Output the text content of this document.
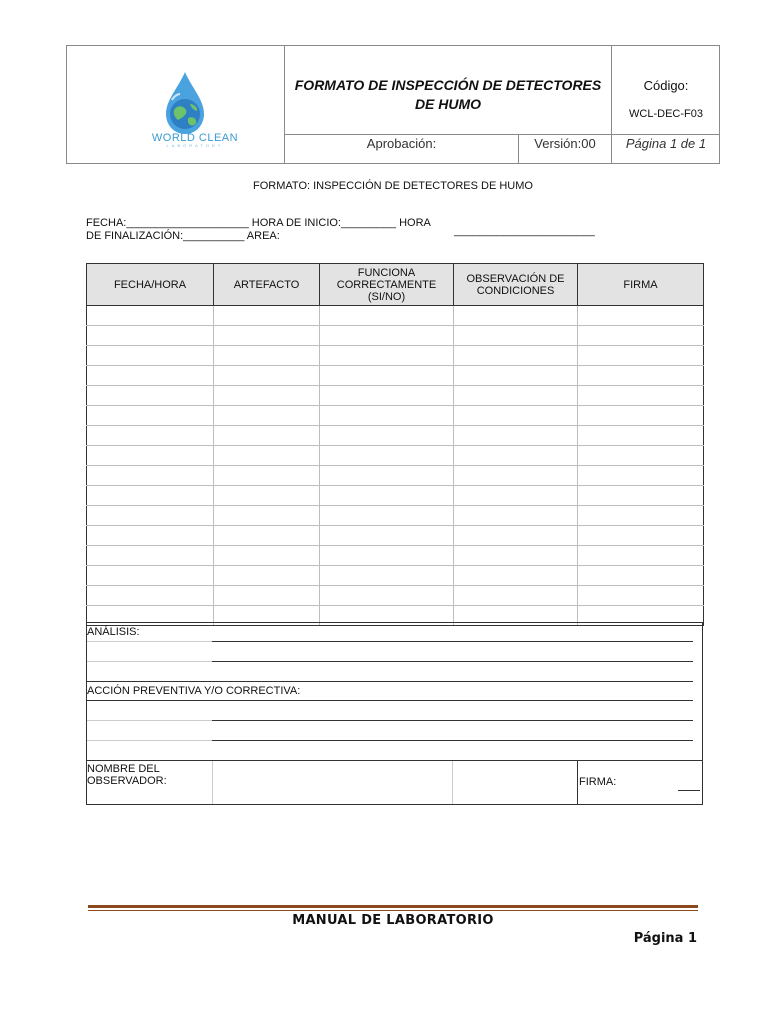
WORLD CLEAN
LABORATORY
FORMATO DE INSPECCIÓN DE DETECTORES DE HUMO
Código:
WCL-DEC-F03
Aprobación:	Versión:00	Página 1 de 1
FORMATO: INSPECCIÓN DE DETECTORES DE HUMO
FECHA:____________________ HORA DE INICIO:_________ HORA
DE FINALIZACIÓN:__________ AREA:	_______________________
FECHA/HORA	ARTEFACTO	FUNCIONA CORRECTAMENTE (SI/NO)	OBSERVACIÓN DE CONDICIONES	FIRMA

ANÁLISIS:
ACCIÓN PREVENTIVA Y/O CORRECTIVA:
NOMBRE DEL OBSERVADOR:	FIRMA:
MANUAL DE LABORATORIO
Página 1
